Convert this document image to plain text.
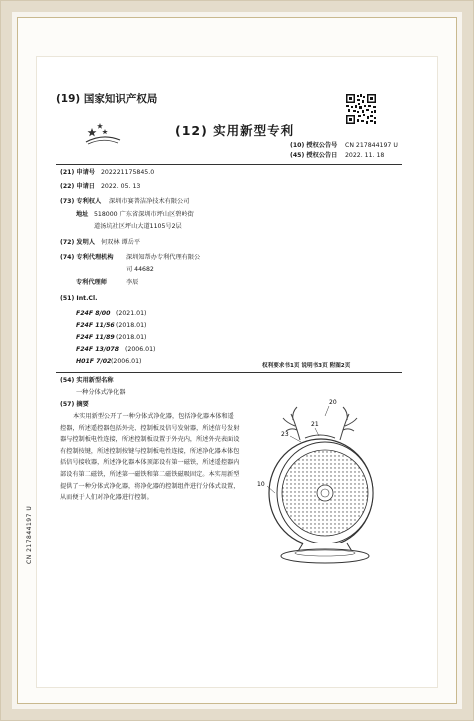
(19) 国家知识产权局
(12) 实用新型专利
(10) 授权公告号 CN 217844197 U
(45) 授权公告日 2022. 11. 18
(21) 申请号 202221175845.0
(22) 申请日 2022. 05. 13
(73) 专利权人 深圳市赛普洁净技术有限公司
地址 518000 广东省深圳市坪山区碧岭街
道汤坑社区坪山大道1105号2层
(72) 发明人 何双林 谭岳平
(74) 专利代理机构 深圳知帮办专利代理有限公
司 44682
专利代理师	李辰
(51) Int.Cl.
F24F 8/00 (2021.01)
F24F 11/56 (2018.01)
F24F 11/89 (2018.01)
F24F 13/078 (2006.01)
H01F 7/02 (2006.01)
权利要求书1页 说明书3页 附图2页
(54) 实用新型名称
一种分体式净化器
(57) 摘要
本实用新型公开了一种分体式净化器，包括净化器本体和遥控器，所述遥控器包括外壳、控制板及信号发射器，所述信号发射器与控制板电性连接，所述控制板设置于外壳内，所述外壳表面设有控制按键，所述控制按键与控制板电性连接，所述净化器本体包括信号接收器，所述净化器本体顶部设有第一磁铁，所述遥控器内部设有第二磁铁，所述第一磁铁和第二磁铁磁吸固定。本实用新型提供了一种分体式净化器，将净化器的控制组件进行分体式设置，从而便于人们对净化器进行控制。
20
23
21
10
CN 217844197 U
